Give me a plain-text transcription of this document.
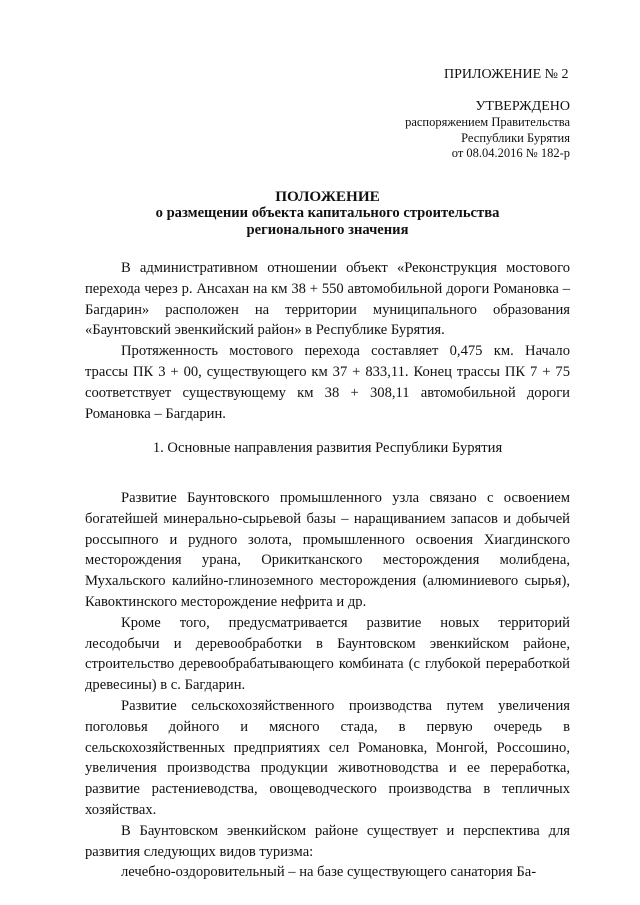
ПРИЛОЖЕНИЕ № 2
УТВЕРЖДЕНО
распоряжением Правительства
Республики Бурятия
от 08.04.2016 № 182-р
ПОЛОЖЕНИЕ
о размещении объекта капитального строительства
регионального значения

В административном отношении объект «Реконструкция мостового перехода через р. Ансахан на км 38 + 550 автомобильной дороги Романовка – Багдарин» расположен на территории муниципального образования «Баунтовский эвенкийский район» в Республике Бурятия.

Протяженность мостового перехода составляет 0,475 км. Начало трассы ПК 3 + 00, существующего км 37 + 833,11. Конец трассы ПК 7 + 75 соответствует существующему км 38 + 308,11 автомобильной дороги Романовка – Багдарин.

1. Основные направления развития Республики Бурятия

Развитие Баунтовского промышленного узла связано с освоением богатейшей минерально-сырьевой базы – наращиванием запасов и добычей россыпного и рудного золота, промышленного освоения Хиагдинского месторождения урана, Орикитканского месторождения молибдена, Мухальского калийно-глиноземного месторождения (алюминиевого сырья), Кавоктинского месторождение нефрита и др.

Кроме того, предусматривается развитие новых территорий лесодобычи и деревообработки в Баунтовском эвенкийском районе, строительство деревообрабатывающего комбината (с глубокой переработкой древесины) в с. Багдарин.

Развитие сельскохозяйственного производства путем увеличения поголовья дойного и мясного стада, в первую очередь в сельскохозяйственных предприятиях сел Романовка, Монгой, Россошино, увеличения производства продукции животноводства и ее переработка, развитие растениеводства, овощеводческого производства в тепличных хозяйствах.

В Баунтовском эвенкийском районе существует и перспектива для развития следующих видов туризма:

лечебно-оздоровительный – на базе существующего санатория Ба-
